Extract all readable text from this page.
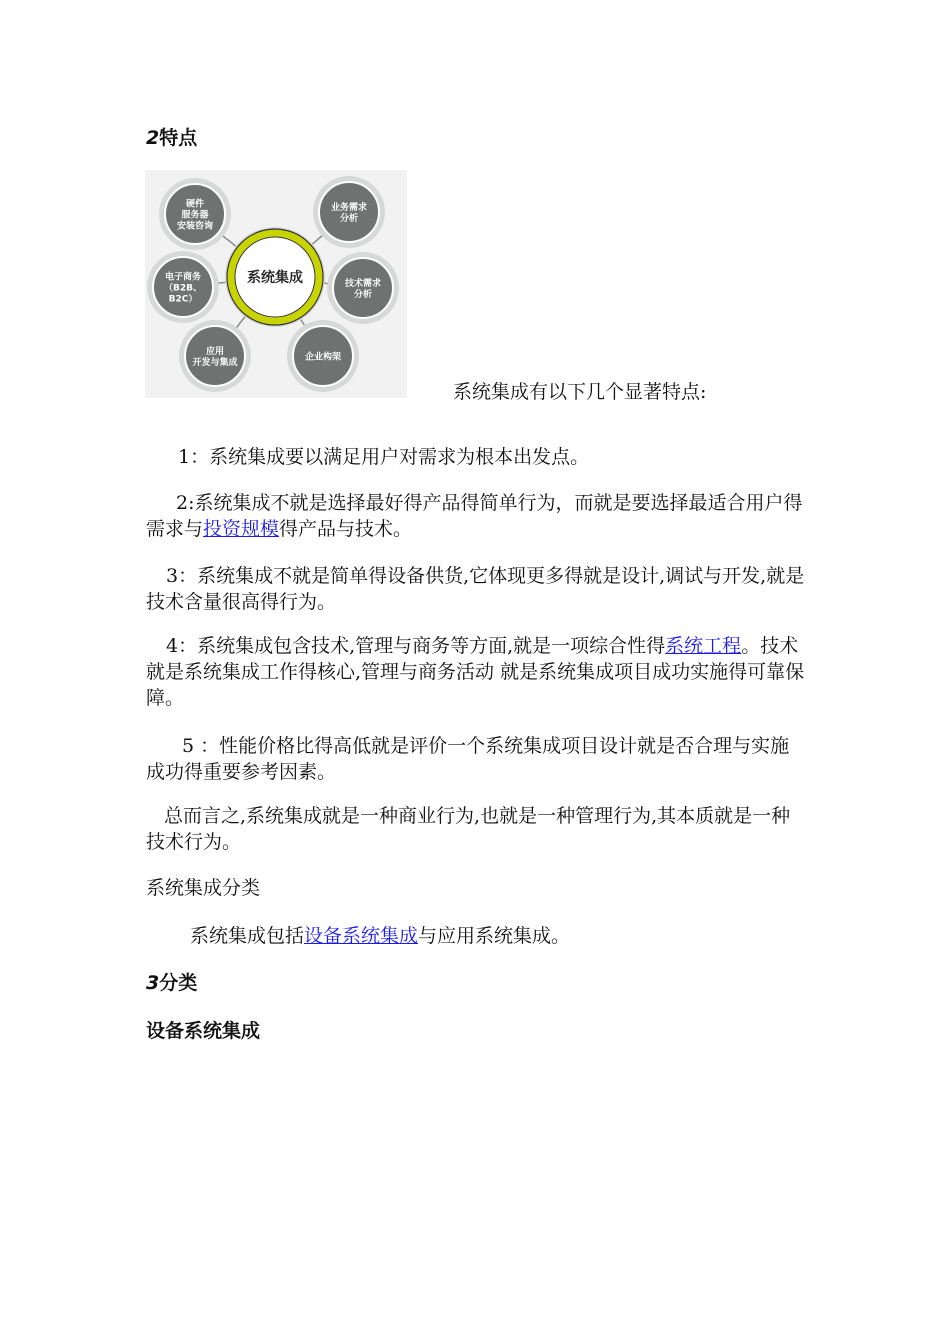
2特点
硬件
服务器
安装咨询
业务需求
分析
电子商务
（B2B、
B2C）
技术需求
分析
应用
开发与集成
企业构架
系统集成
系统集成有以下几个显著特点:
1：系统集成要以满足用户对需求为根本出发点。
2:系统集成不就是选择最好得产品得简单行为，而就是要选择最适合用户得需求与投资规模得产品与技术。
3：系统集成不就是简单得设备供货,它体现更多得就是设计,调试与开发,就是技术含量很高得行为。
4：系统集成包含技术,管理与商务等方面,就是一项综合性得系统工程。技术就是系统集成工作得核心,管理与商务活动 就是系统集成项目成功实施得可靠保障。
5 ：性能价格比得高低就是评价一个系统集成项目设计就是否合理与实施成功得重要参考因素。
总而言之,系统集成就是一种商业行为,也就是一种管理行为,其本质就是一种技术行为。
系统集成分类
系统集成包括设备系统集成与应用系统集成。
3分类
设备系统集成
